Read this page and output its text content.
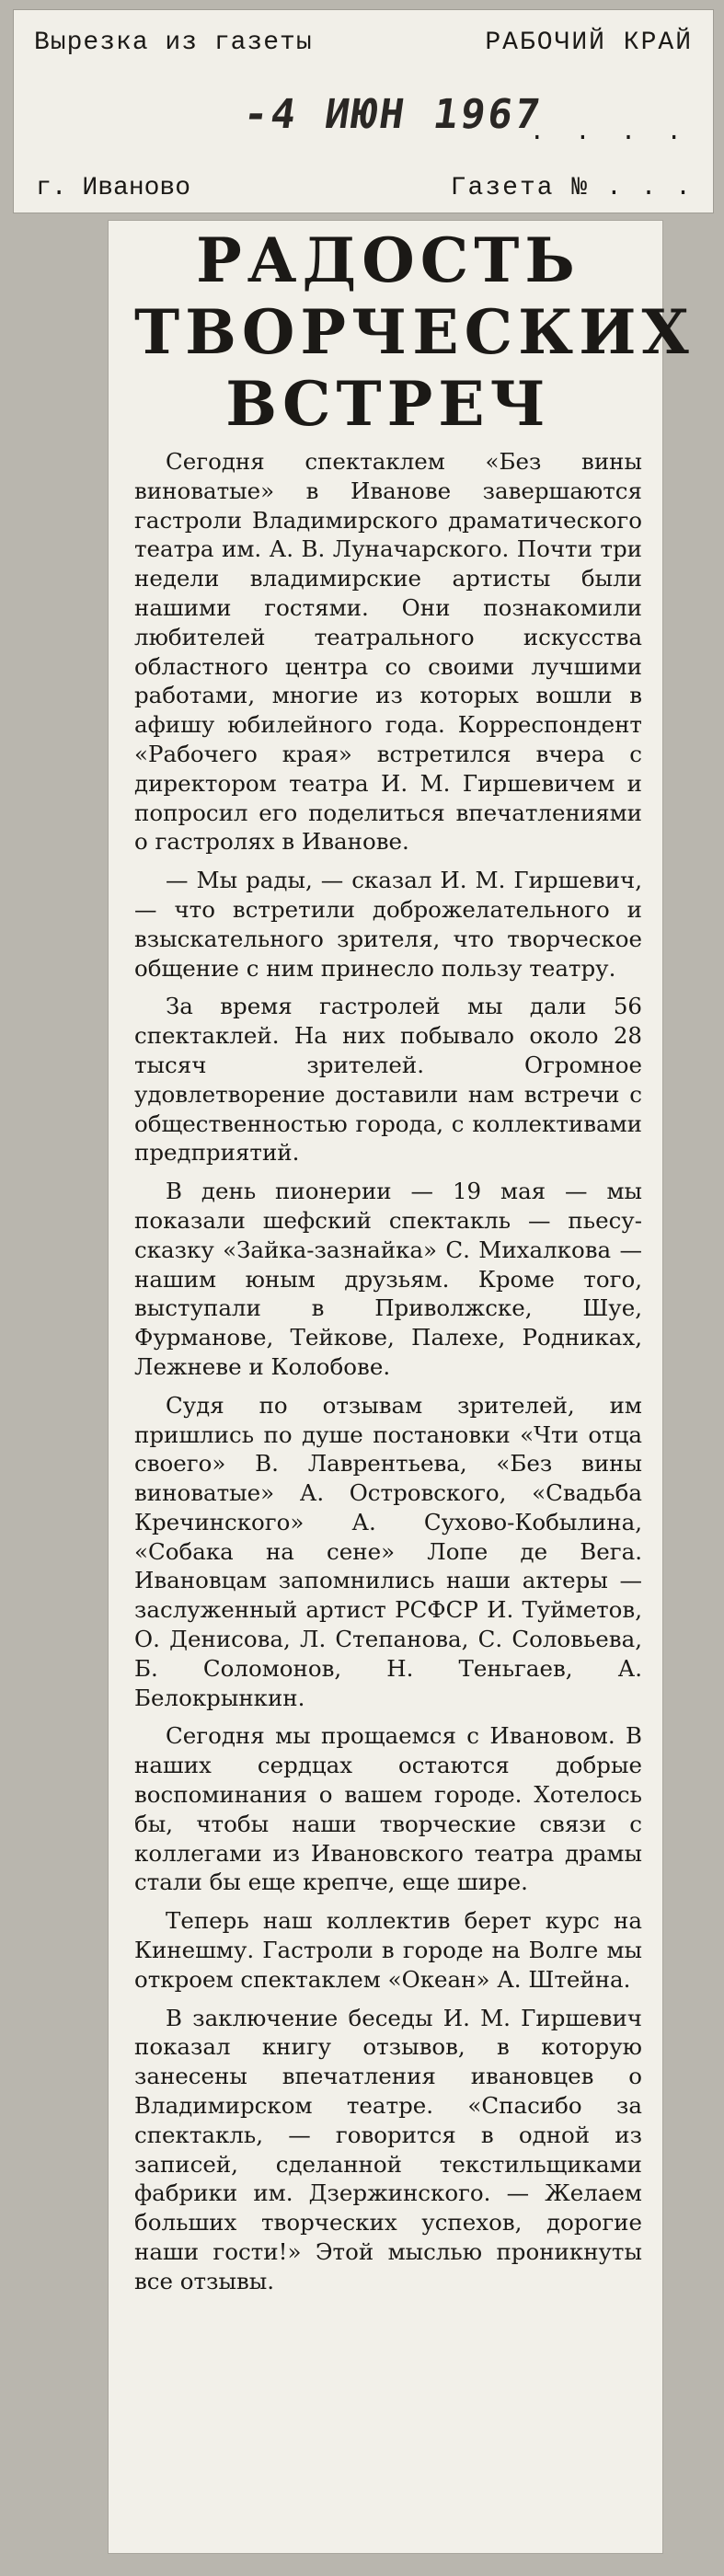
Вырезка из газеты	РАБОЧИЙ КРАЙ
-4 ИЮН 1967
. . . .
г. Иваново	Газета № . . .
РАДОСТЬ
ТВОРЧЕСКИХ
ВСТРЕЧ

Сегодня спектаклем «Без вины виноватые» в Иванове завершаются гастроли Владимирского драматического театра им. А. В. Луначарского. Почти три недели владимирские артисты были нашими гостями. Они познакомили любителей театрального искусства областного центра со своими лучшими работами, многие из которых вошли в афишу юбилейного года. Корреспондент «Рабочего края» встретился вчера с директором театра И. М. Гиршевичем и попросил его поделиться впечатлениями о гастролях в Иванове.

— Мы рады, — сказал И. М. Гиршевич, — что встретили доброжелательного и взыскательного зрителя, что творческое общение с ним принесло пользу театру.

За время гастролей мы дали 56 спектаклей. На них побывало около 28 тысяч зрителей. Огромное удовлетворение доставили нам встречи с общественностью города, с коллективами предприятий.

В день пионерии — 19 мая — мы показали шефский спектакль — пьесу-сказку «Зайка-зазнайка» С. Михалкова — нашим юным друзьям. Кроме того, выступали в Приволжске, Шуе, Фурманове, Тейкове, Палехе, Родниках, Лежневе и Колобове.

Судя по отзывам зрителей, им пришлись по душе постановки «Чти отца своего» В. Лаврентьева, «Без вины виноватые» А. Островского, «Свадьба Кречинского» А. Сухово-Кобылина, «Собака на сене» Лопе де Вега. Ивановцам запомнились наши актеры — заслуженный артист РСФСР И. Туйметов, О. Денисова, Л. Степанова, С. Соловьева, Б. Соломонов, Н. Теньгаев, А. Белокрынкин.

Сегодня мы прощаемся с Ивановом. В наших сердцах остаются добрые воспоминания о вашем городе. Хотелось бы, чтобы наши творческие связи с коллегами из Ивановского театра драмы стали бы еще крепче, еще шире.

Теперь наш коллектив берет курс на Кинешму. Гастроли в городе на Волге мы откроем спектаклем «Океан» А. Штейна.

В заключение беседы И. М. Гиршевич показал книгу отзывов, в которую занесены впечатления ивановцев о Владимирском театре. «Спасибо за спектакль, — говорится в одной из записей, сделанной текстильщиками фабрики им. Дзержинского. — Желаем больших творческих успехов, дорогие наши гости!» Этой мыслью проникнуты все отзывы.
